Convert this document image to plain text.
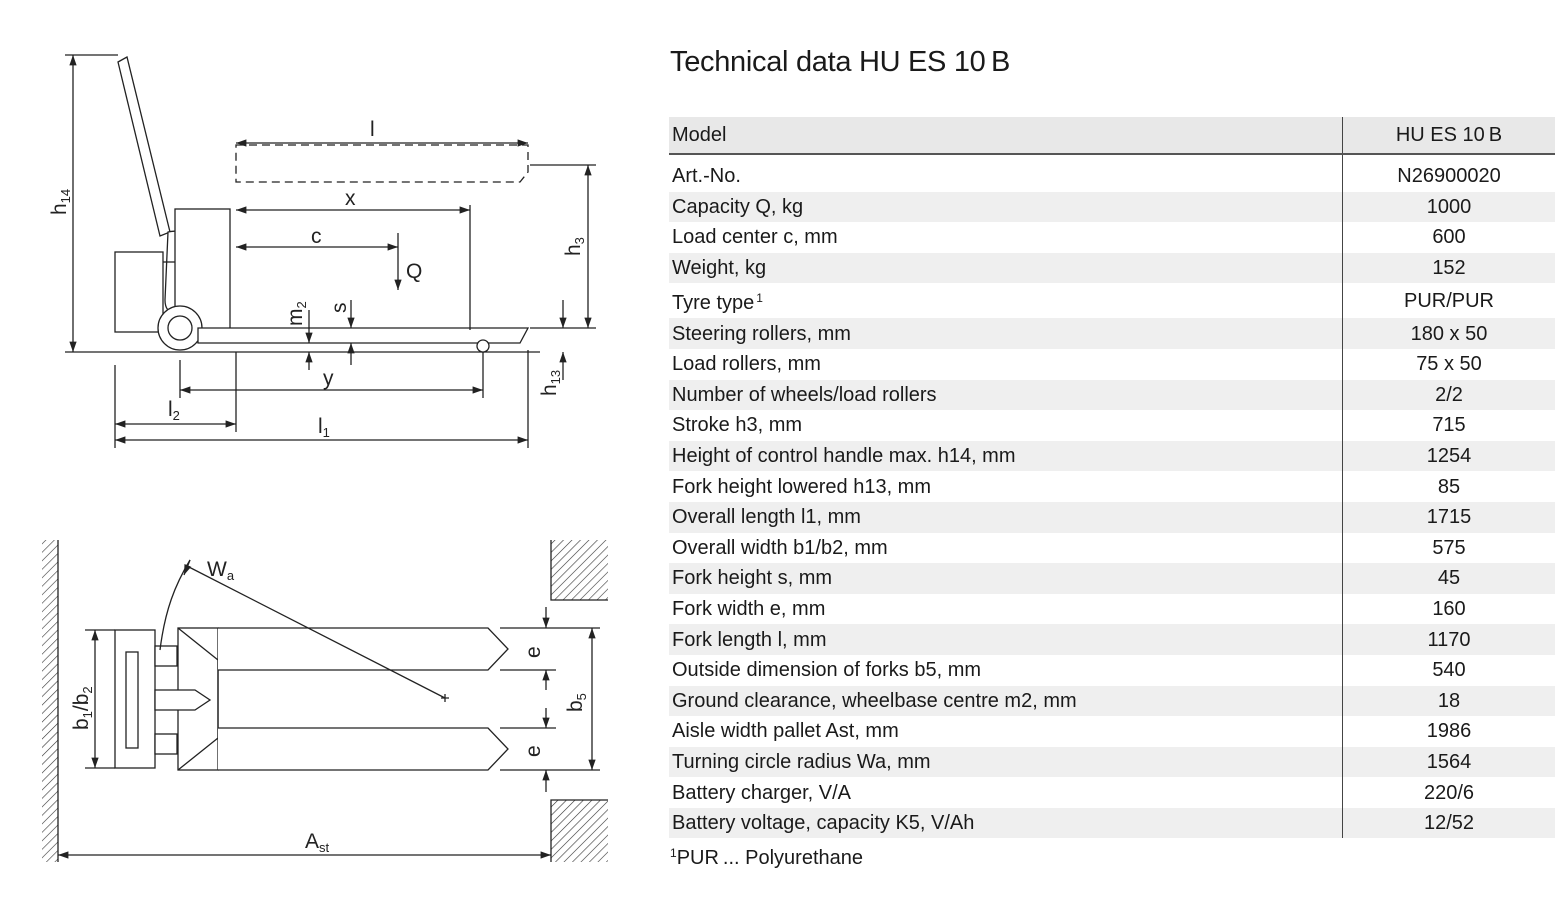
l
x
c
Q
y
h14
h3
h13
m2 s
l2	l1
Wa
e
e
b1/b2
b5
Ast
Technical data HU ES 10 B
Model	HU ES 10 B
Art.-No.	N26900020
Capacity Q, kg	1000
Load center c, mm	600
Weight, kg	152
Tyre type $^1$	PUR/PUR
Steering rollers, mm	180 x 50
Load rollers, mm	75 x 50
Number of wheels/load rollers	2/2
Stroke h3, mm	715
Height of control handle max. h14, mm	1254
Fork height lowered h13, mm	85
Overall length l1, mm	1715
Overall width b1/b2, mm	575
Fork height s, mm	45
Fork width e, mm	160
Fork length l, mm	1170
Outside dimension of forks b5, mm	540
Ground clearance, wheelbase centre m2, mm	18
Aisle width pallet Ast, mm	1986
Turning circle radius Wa, mm	1564
Battery charger, V/A	220/6
Battery voltage, capacity K5, V/Ah	12/52
$^1$PUR ... Polyurethane
